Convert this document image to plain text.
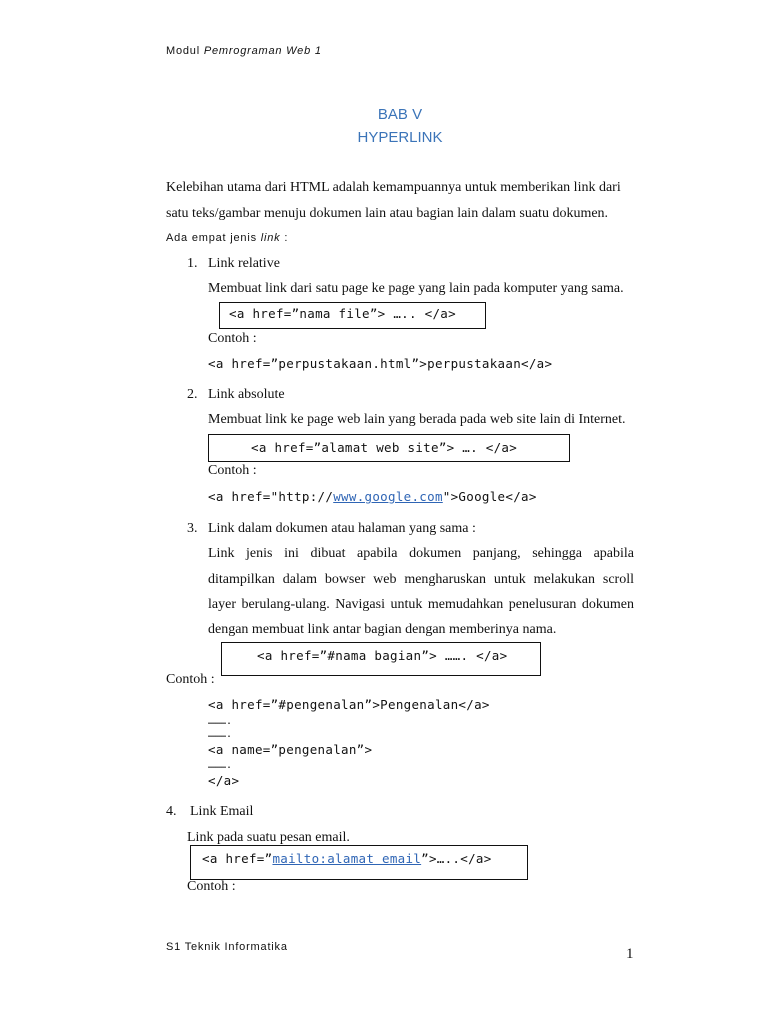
Modul Pemrograman Web 1
BAB V
HYPERLINK
Kelebihan utama dari HTML adalah kemampuannya untuk memberikan link dari
satu teks/gambar menuju dokumen lain atau bagian lain dalam suatu dokumen.
Ada empat jenis link :
1. Link relative
Membuat link dari satu page ke page yang lain pada komputer yang sama.
<a href=”nama file”> ….. </a>
Contoh :
<a href=”perpustakaan.html”>perpustakaan</a>
2. Link absolute
Membuat link ke page web lain yang berada pada web site lain di Internet.
<a href=”alamat web site”> …. </a>
Contoh :
<a href="http://www.google.com">Google</a>
3. Link dalam dokumen atau halaman yang sama :
Link jenis ini dibuat apabila dokumen panjang, sehingga apabila
ditampilkan dalam bowser web mengharuskan untuk melakukan scroll
layer berulang-ulang. Navigasi untuk memudahkan penelusuran dokumen
dengan membuat link antar bagian dengan memberinya nama.
<a href=”#nama bagian”> ……. </a>
Contoh :
<a href=”#pengenalan”>Pengenalan</a>
……….
……….
<a name=”pengenalan”>
……….
</a>
4. Link Email
Link pada suatu pesan email.
<a href=”mailto:alamat email”>…..</a>
Contoh :
S1 Teknik Informatika	1
